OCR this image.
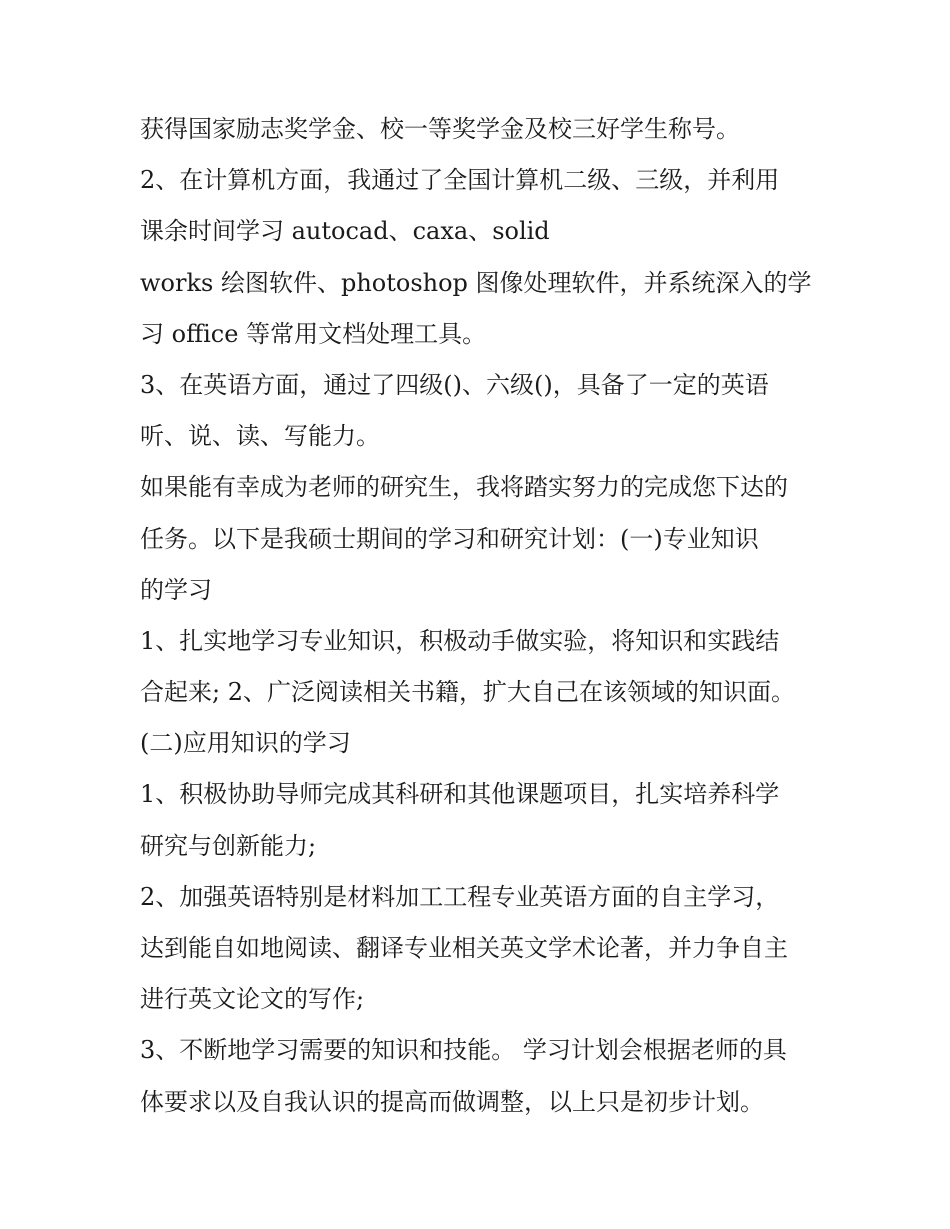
获得国家励志奖学金、校一等奖学金及校三好学生称号。
2、在计算机方面，我通过了全国计算机二级、三级，并利用
课余时间学习 autocad、caxa、solid
works 绘图软件、photoshop 图像处理软件，并系统深入的学
习 office 等常用文档处理工具。
3、在英语方面，通过了四级()、六级()，具备了一定的英语
听、说、读、写能力。
如果能有幸成为老师的研究生，我将踏实努力的完成您下达的
任务。以下是我硕士期间的学习和研究计划：(一)专业知识
的学习
1、扎实地学习专业知识，积极动手做实验，将知识和实践结
合起来; 2、广泛阅读相关书籍，扩大自己在该领域的知识面。
(二)应用知识的学习
1、积极协助导师完成其科研和其他课题项目，扎实培养科学
研究与创新能力;
2、加强英语特别是材料加工工程专业英语方面的自主学习，
达到能自如地阅读、翻译专业相关英文学术论著，并力争自主
进行英文论文的写作;
3、不断地学习需要的知识和技能。 学习计划会根据老师的具
体要求以及自我认识的提高而做调整，以上只是初步计划。
